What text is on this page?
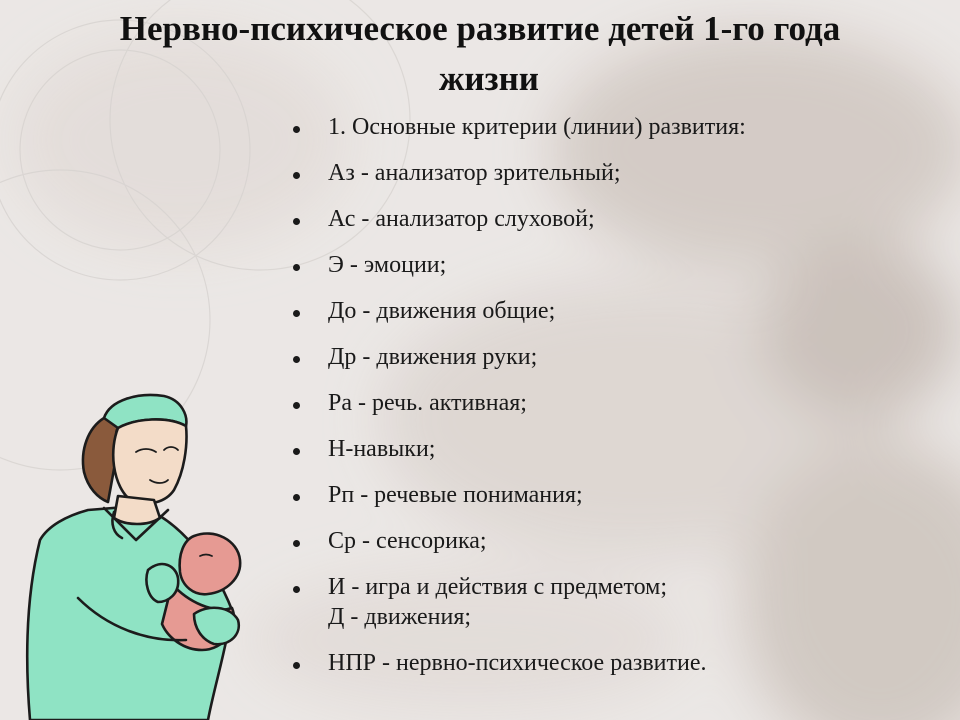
Нервно-психическое развитие детей 1-го года
жизни
1. Основные критерии (линии) развития:
Аз - анализатор зрительный;
Ас - анализатор слуховой;
Э - эмоции;
До - движения общие;
Др - движения руки;
Ра - речь. активная;
Н-навыки;
Рп - речевые понимания;
Ср - сенсорика;
И - игра и действия с предметом;
Д - движения;
НПР - нервно-психическое развитие.
